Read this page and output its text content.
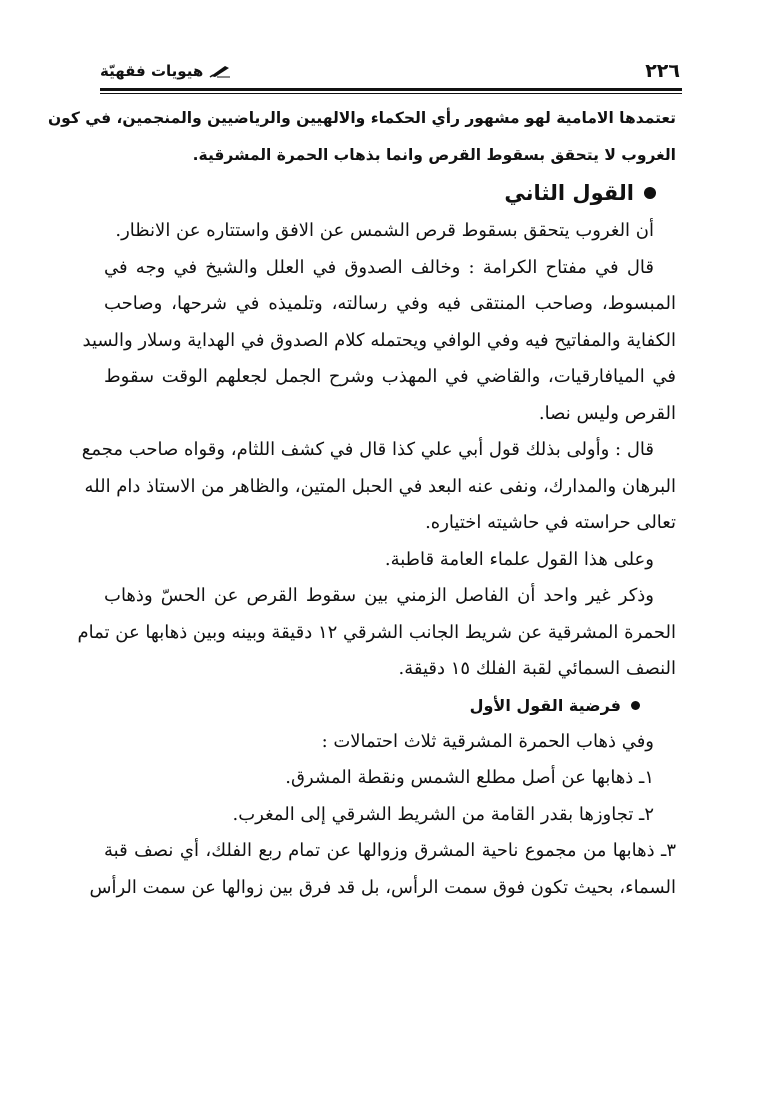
٢٢٦
هيويات فقهيّة
تعتمدها الامامية لهو مشهور رأي الحكماء والالهيين والرياضيين والمنجمين، في كون
الغروب لا يتحقق بسقوط القرص وانما بذهاب الحمرة المشرقية.
القول الثاني
أن الغروب يتحقق بسقوط قرص الشمس عن الافق واستتاره عن الانظار.
قال في مفتاح الكرامة : وخالف الصدوق في العلل والشيخ في وجه في
المبسوط، وصاحب المنتقى فيه وفي رسالته، وتلميذه في شرحها، وصاحب
الكفاية والمفاتيح فيه وفي الوافي ويحتمله كلام الصدوق في الهداية وسلار والسيد
في الميافارقيات، والقاضي في المهذب وشرح الجمل لجعلهم الوقت سقوط
القرص وليس نصا.
قال : وأولى بذلك قول أبي علي كذا قال في كشف اللثام، وقواه صاحب مجمع
البرهان والمدارك، ونفى عنه البعد في الحبل المتين، والظاهر من الاستاذ دام الله
تعالى حراسته في حاشيته اختياره.
وعلى هذا القول علماء العامة قاطبة.
وذكر غير واحد أن الفاصل الزمني بين سقوط القرص عن الحسّ وذهاب
الحمرة المشرقية عن شريط الجانب الشرقي ١٢ دقيقة وبينه وبين ذهابها عن تمام
النصف السمائي لقبة الفلك ١٥ دقيقة.
فرضية القول الأول
وفي ذهاب الحمرة المشرقية ثلاث احتمالات :
١ـ ذهابها عن أصل مطلع الشمس ونقطة المشرق.
٢ـ تجاوزها بقدر القامة من الشريط الشرقي إلى المغرب.
٣ـ ذهابها من مجموع ناحية المشرق وزوالها عن تمام ربع الفلك، أي نصف قبة
السماء، بحيث تكون فوق سمت الرأس، بل قد فرق بين زوالها عن سمت الرأس
